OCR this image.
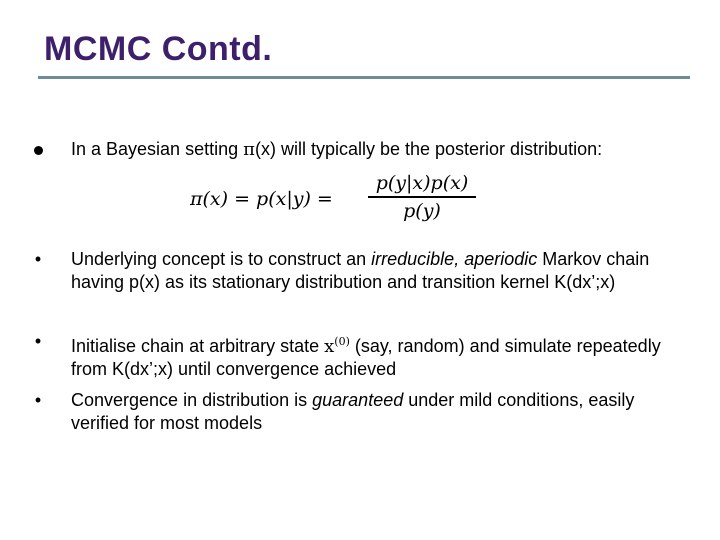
MCMC Contd.
In a Bayesian setting π(x) will typically be the posterior distribution:
π(x) = p(x|y) =
p(y|x)p(x)
p(y)
•	Underlying concept is to construct an irreducible, aperiodic Markov chain having p(x) as its stationary distribution and transition kernel K(dx’;x)
•	Initialise chain at arbitrary state $x^{(0)}$ (say, random) and simulate repeatedly from K(dx’;x) until convergence achieved
•	Convergence in distribution is guaranteed under mild conditions, easily verified for most models
